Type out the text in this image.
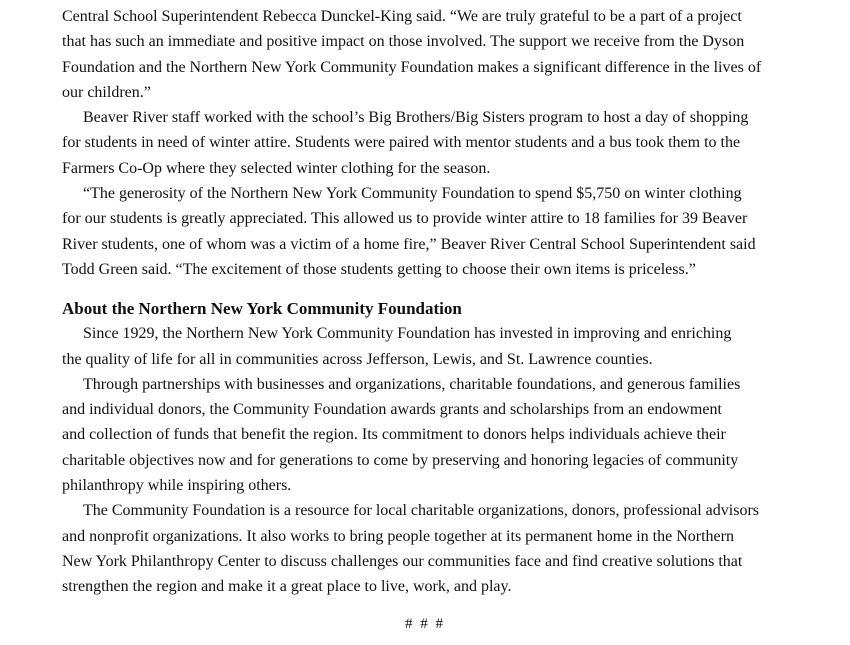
Central School Superintendent Rebecca Dunckel-King said. “We are truly grateful to be a part of a project
that has such an immediate and positive impact on those involved. The support we receive from the Dyson
Foundation and the Northern New York Community Foundation makes a significant difference in the lives of
our children.”
Beaver River staff worked with the school’s Big Brothers/Big Sisters program to host a day of shopping
for students in need of winter attire. Students were paired with mentor students and a bus took them to the
Farmers Co-Op where they selected winter clothing for the season.
“The generosity of the Northern New York Community Foundation to spend $5,750 on winter clothing
for our students is greatly appreciated. This allowed us to provide winter attire to 18 families for 39 Beaver
River students, one of whom was a victim of a home fire,” Beaver River Central School Superintendent said
Todd Green said. “The excitement of those students getting to choose their own items is priceless.”
About the Northern New York Community Foundation
Since 1929, the Northern New York Community Foundation has invested in improving and enriching
the quality of life for all in communities across Jefferson, Lewis, and St. Lawrence counties.
Through partnerships with businesses and organizations, charitable foundations, and generous families
and individual donors, the Community Foundation awards grants and scholarships from an endowment
and collection of funds that benefit the region. Its commitment to donors helps individuals achieve their
charitable objectives now and for generations to come by preserving and honoring legacies of community
philanthropy while inspiring others.
The Community Foundation is a resource for local charitable organizations, donors, professional advisors
and nonprofit organizations. It also works to bring people together at its permanent home in the Northern
New York Philanthropy Center to discuss challenges our communities face and find creative solutions that
strengthen the region and make it a great place to live, work, and play.
# # #
